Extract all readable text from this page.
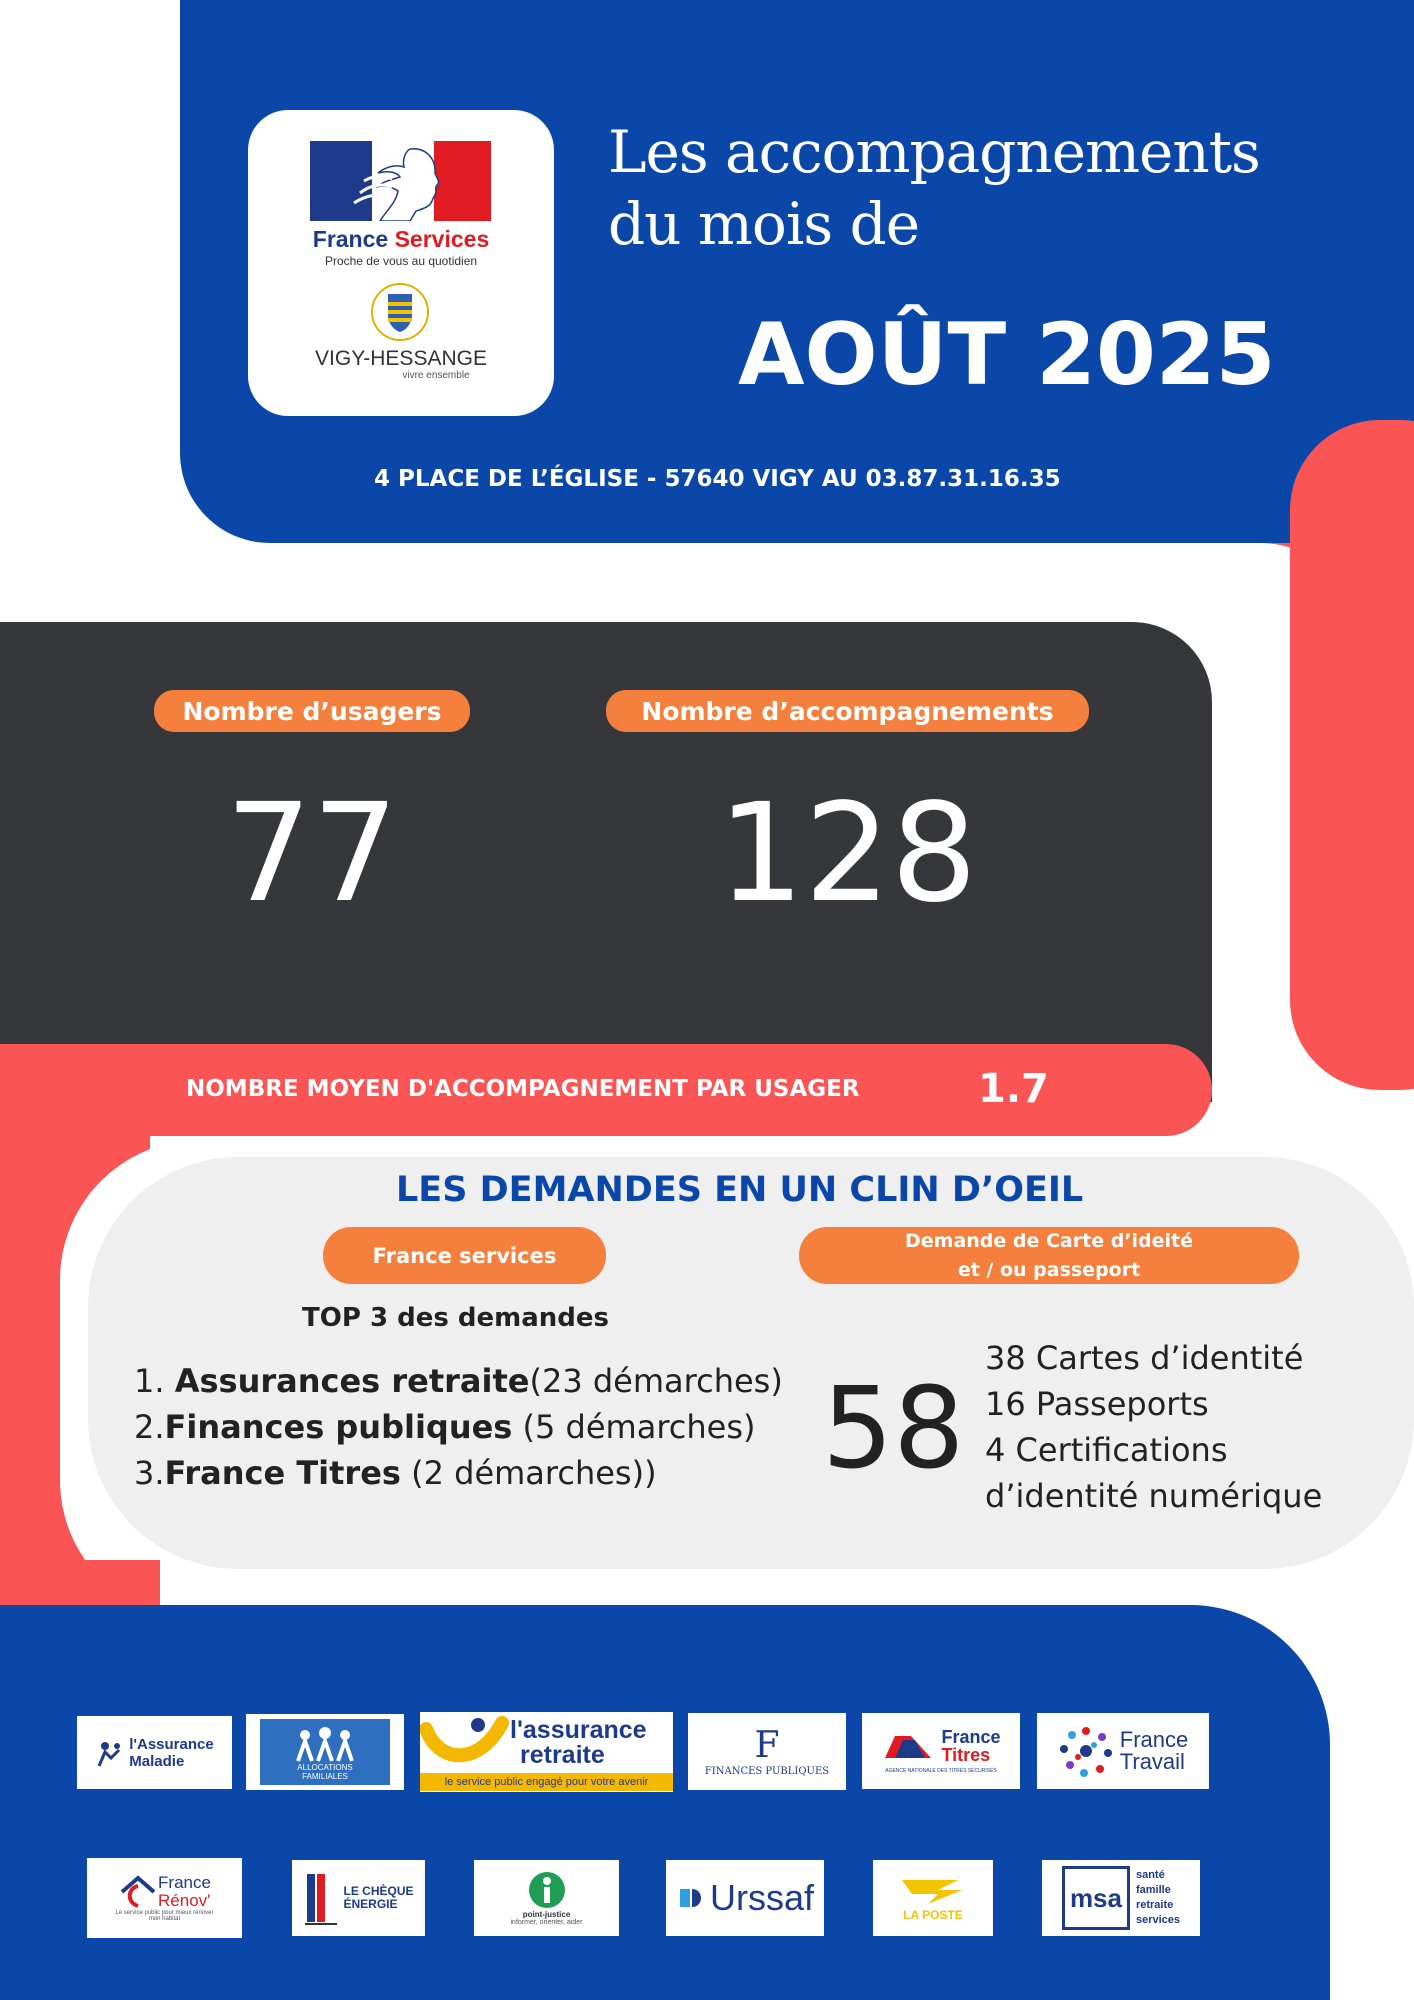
France Services
Proche de vous au quotidien
VIGY-HESSANGE
vivre ensemble
Les accompagnements
du mois de
AOÛT 2025
4 PLACE DE L’ÉGLISE - 57640 VIGY AU 03.87.31.16.35
Nombre d’usagers	Nombre d’accompagnements
77	128
NOMBRE MOYEN D'ACCOMPAGNEMENT PAR USAGER	1.7
LES DEMANDES EN UN CLIN D’OEIL
France services
Demande de Carte d’ideité
et / ou passeport
TOP 3 des demandes
1. Assurances retraite(23 démarches)
2.Finances publiques (5 démarches)
3.France Titres (2 démarches)) 58
38 Cartes d’identité
16 Passeports
4 Certifications
d’identité numérique
l'Assurance
Maladie	ALLOCATIONS
FAMILIALES
l'assurance
retraite
le service public engagé pour votre avenir
F
FINANCES PUBLIQUES
France
Titres
AGENCE NATIONALE DES TITRES SÉCURISÉS
France
Travail
France
Rénov'
Le service public pour mieux rénover mon habitat
LE CHÈQUE
ÉNERGIE
point-justice
informer, orienter, aider
Urssaf	LA POSTE
msa
santé
famille
retraite
services
